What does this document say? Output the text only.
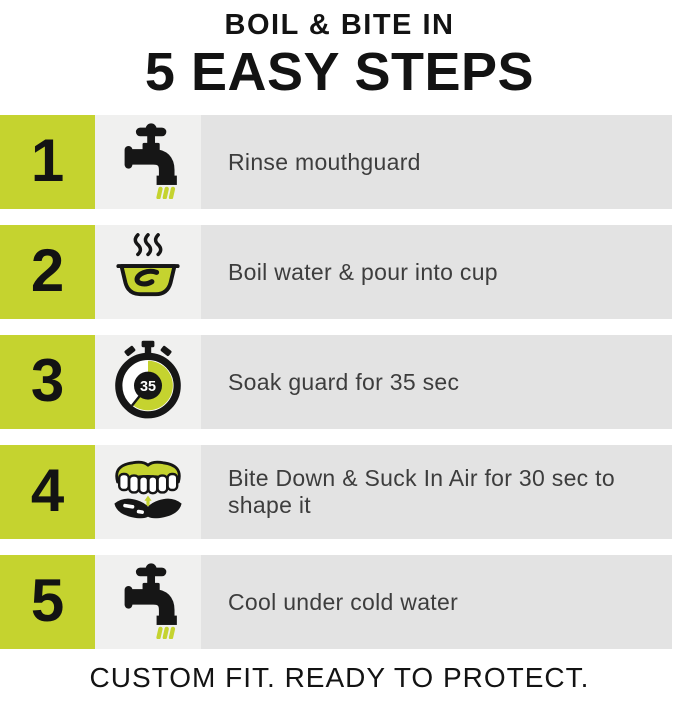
BOIL & BITE IN
5 EASY STEPS
1	Rinse mouthguard
2	Boil water & pour into cup
3	35	Soak guard for 35 sec
4	Bite Down & Suck In Air for 30 sec to shape it
5	Cool under cold water
CUSTOM FIT. READY TO PROTECT.
